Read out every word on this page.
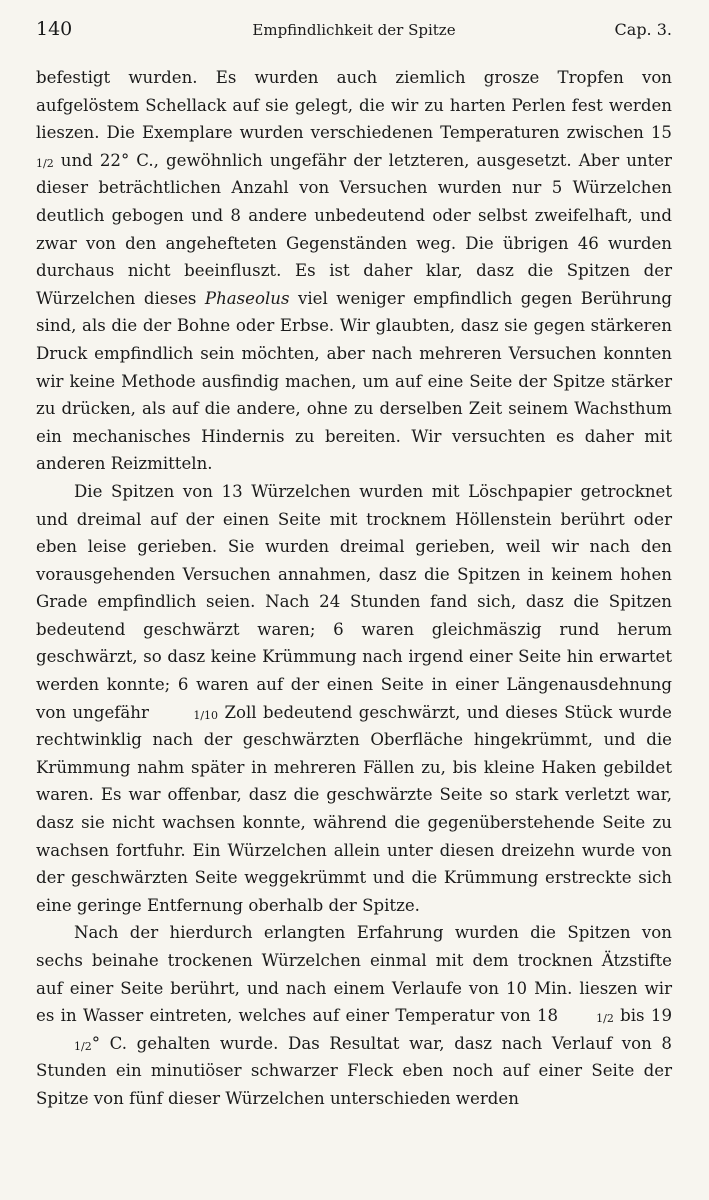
140	Empfindlichkeit der Spitze	Cap. 3.

befestigt wurden. Es wurden auch ziemlich grosze Tropfen von aufgelöstem Schellack auf sie gelegt, die wir zu harten Perlen fest werden lieszen. Die Exemplare wurden verschiedenen Temperaturen zwischen 151/2 und 22° C., gewöhnlich ungefähr der letzteren, ausgesetzt. Aber unter dieser beträchtlichen Anzahl von Versuchen wurden nur 5 Würzelchen deutlich gebogen und 8 andere unbedeutend oder selbst zweifelhaft, und zwar von den angehefteten Gegenständen weg. Die übrigen 46 wurden durchaus nicht beeinfluszt. Es ist daher klar, dasz die Spitzen der Würzelchen dieses Phaseolus viel weniger empfindlich gegen Berührung sind, als die der Bohne oder Erbse. Wir glaubten, dasz sie gegen stärkeren Druck empfindlich sein möchten, aber nach mehreren Versuchen konnten wir keine Methode ausfindig machen, um auf eine Seite der Spitze stärker zu drücken, als auf die andere, ohne zu derselben Zeit seinem Wachsthum ein mechanisches Hindernis zu bereiten. Wir versuchten es daher mit anderen Reizmitteln.

Die Spitzen von 13 Würzelchen wurden mit Löschpapier getrocknet und dreimal auf der einen Seite mit trocknem Höllenstein berührt oder eben leise gerieben. Sie wurden dreimal gerieben, weil wir nach den vorausgehenden Versuchen annahmen, dasz die Spitzen in keinem hohen Grade empfindlich seien. Nach 24 Stunden fand sich, dasz die Spitzen bedeutend geschwärzt waren; 6 waren gleichmäszig rund herum geschwärzt, so dasz keine Krümmung nach irgend einer Seite hin erwartet werden konnte; 6 waren auf der einen Seite in einer Längenausdehnung von ungefähr	1/10 Zoll bedeutend geschwärzt, und dieses Stück wurde rechtwinklig nach der geschwärzten Oberfläche hingekrümmt, und die Krümmung nahm später in mehreren Fällen zu, bis kleine Haken gebildet waren. Es war offenbar, dasz die geschwärzte Seite so stark verletzt war, dasz sie nicht wachsen konnte, während die gegenüberstehende Seite zu wachsen fortfuhr. Ein Würzelchen allein unter diesen dreizehn wurde von der geschwärzten Seite weggekrümmt und die Krümmung erstreckte sich eine geringe Entfernung oberhalb der Spitze.

Nach der hierdurch erlangten Erfahrung wurden die Spitzen von sechs beinahe trockenen Würzelchen einmal mit dem trocknen Ätzstifte auf einer Seite berührt, und nach einem Verlaufe von 10 Min. lieszen wir es in Wasser eintreten, welches auf einer Temperatur von 18	1/2 bis 191/2° C. gehalten wurde. Das Resultat war, dasz nach Verlauf von 8 Stunden ein minutiöser schwarzer Fleck eben noch auf einer Seite der Spitze von fünf dieser Würzelchen unterschieden werden
